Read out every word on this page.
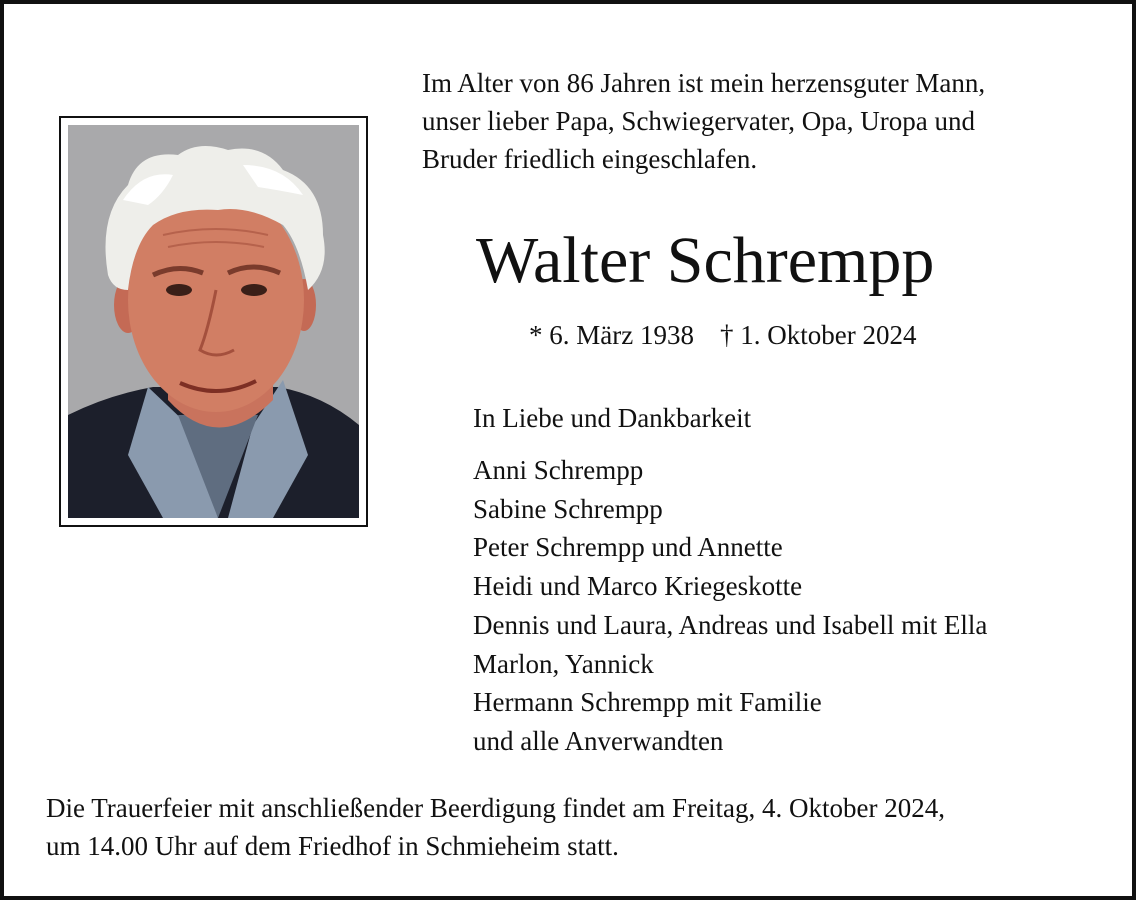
Im Alter von 86 Jahren ist mein herzensguter Mann,
unser lieber Papa, Schwiegervater, Opa, Uropa und
Bruder friedlich eingeschlafen.
Walter Schrempp
* 6. März 1938 † 1. Oktober 2024
In Liebe und Dankbarkeit
Anni Schrempp
Sabine Schrempp
Peter Schrempp und Annette
Heidi und Marco Kriegeskotte
Dennis und Laura, Andreas und Isabell mit Ella
Marlon, Yannick
Hermann Schrempp mit Familie
und alle Anverwandten
Die Trauerfeier mit anschließender Beerdigung findet am Freitag, 4. Oktober 2024,
um 14.00 Uhr auf dem Friedhof in Schmieheim statt.
